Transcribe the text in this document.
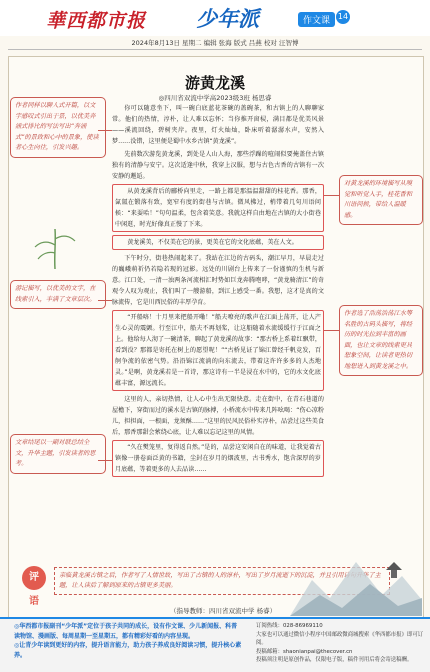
華西都市报 少年派	作文课 14
2024年8月13日 星期二 编辑 张海 版式 吕燕 校对 汪智博
游黄龙溪
◎四川省双流中学高2023级3班 杨思睿

你可以随意坐下，叫一碗白底蓝花茶碗的盖碗茶，和古镇上的人聊聊家常。他们的热情，淳朴，让人难以忘怀；当你推开窗棂，满目都是优美风景——溪流回绕，碧树夹岸。夜里，灯火灿灿，卧床听着潺潺水声，安然入梦……没错，这里便是蜀中水乡古镇“黄龙溪”。

先前数次游览黄龙溪，到处是人山人海，那些浮躁的喧闹似要掩盖住古镇独有的清静与安宁。这次适逢中秋，我穿上汉服，想与古色古香的古镇有一次安静的邂逅。

从黄龙溪背后的郦桥向里走，一路上都是那温温甜甜的桂花香。那香，氤氲在锻落有致，宽窄有度的街巷与古镇。微风拂过，梢带着几句川语问候：“来耍哈！”句句温柔，包含着笑意。我就这样自由地在古镇的大小街巷中闲逛，时光好像真正慢了下来。

黄龙溪美，不仅美在它的景，更美在它的文化底蕴，美在人文。

下午时分，街巷热闹起来了。我站在江边的古码头，潮江早月，早晨走过的巍峨萌祈仍若隐若现的冠影。远处的川剧台上传来了一份谨慎的生机与新意。江口处，一清一浊两条河流相汇时势如巨龙奔腾咆哮，“黄龙骑清江”的奇观令人叹为观止，我们叫了一艘游船，到江上感受一番。我想，这才是真的文脉流传，它是川西民俗的丰厚孕育。

“开船咯！十月里来把船开嘞！”船夫嘹亮的歌声在江面上荡开，让人产生心灵的震颤。行至江中，船夫不再划桨，让这船随着水流缓缓行于江面之上。他给每人沏了一碗清茶，聊起了黄龙溪的故事：“那古桥上系着红飘带，看到没？那都是寄托在树上的愿望呢！”“古桥见证了锦江曾经千帆竞发，百舸争流的依密气势。沿沿锦江流淌的向东流去，带着这许许多多的人杰地灵。”是啊，黄龙溪若是一首诗，那这诗有一半是浸在水中的，它的水文化底蕴丰富，源远流长。

这里的人，亲切热情，让人心中生出无限快意。走在街中，在青石巷道的屋檐下，穿街而过的溪水是古镇的脉搏，小桥流水中传来几阵吆喝：“伤心凉粉儿，担担面，一根面，龙须酥……”这里的民风民俗朴实淳朴，品尝过这些美食后，那香那甜会萦绕心底，让人难以忘记这里的风情。

“久在樊笼里，复得返自然。”是的，品尝这安闲自在的味道，让我觉着古镇像一册卷面泛黄的书籍，尘封在岁月的烟波里，古书秀水，饱含深厚的岁月底蕴，等着更多的人去品读……

作者同样以聊人式开篇，以文字感叹式引出于景，以优美奔涌式排比的写法写出“奔涌式”的景致和心中的景象，使读者心生向往，引发兴趣。
对黄龙溪的环境描写从嗅觉和听觉入手，桂花香和川语问候，带给人温暖感。
游记描写，以优美的文字，在线索引入，丰满了文章层次。
作者选了浩荡浩荡江水等名胜的古码头描写，将经历的时光拉到丰富的画面，也让文章的线索更具想象空间，让读者更热切地想进入到黄龙溪之中。
文章结尾以一副对联总结全文，升华主题，引发读者的思考。
评
语
亲临黄龙溪古镇之后，作者写了人情世故，写出了古镇的人的淳朴，写出了岁月流逝下的沉淀，并且引用诗句升华了主题，让人读后了解到原来的古镇更多美丽。
（指导教师：四川省双流中学 杨睿）
◎华西都市报副刊“少年派”定位于孩子共同的成长，设有作文课、少儿新闻报、科普读物馆、漫画版、每周星期一至星期五，都有精彩好看的内容呈现。
◎让青少年读到更好的内容，提升语言能力，助力孩子养成良好阅读习惯，提升核心素养。
订阅热线：028-86969110
大家也可以通过微信小程序中国邮政微商城搜索《华西都市报》即可订阅。
投稿邮箱：shaonianpai@thecover.cn
投稿须注明是原创作品，仅限电子版，稿件刊用后将会寄送稿酬。
